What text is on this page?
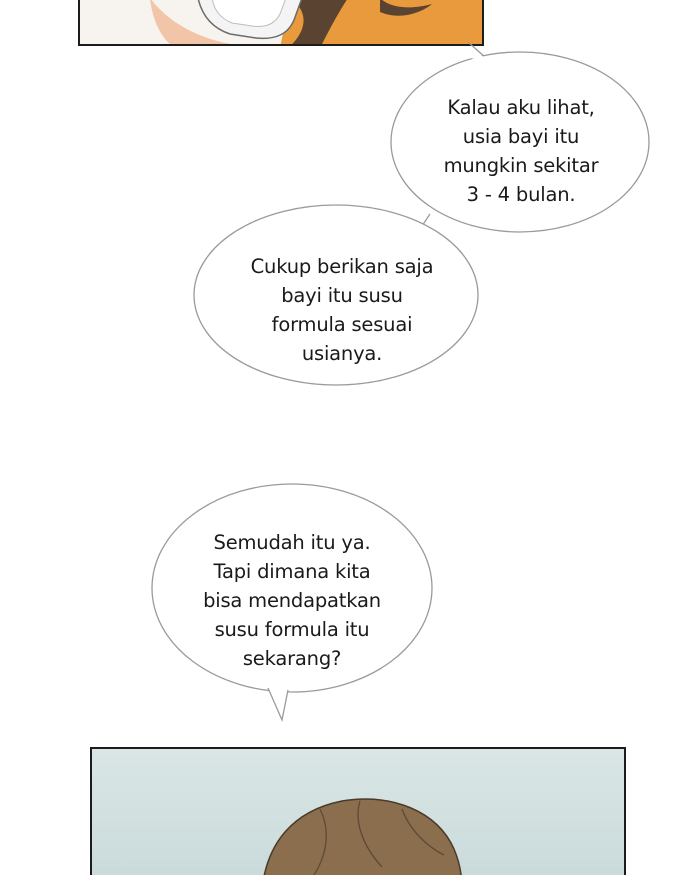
Kalau aku lihat,
usia bayi itu
mungkin sekitar
3 - 4 bulan.
Cukup berikan saja
bayi itu susu
formula sesuai
usianya.
Semudah itu ya.
Tapi dimana kita
bisa mendapatkan
susu formula itu
sekarang?
